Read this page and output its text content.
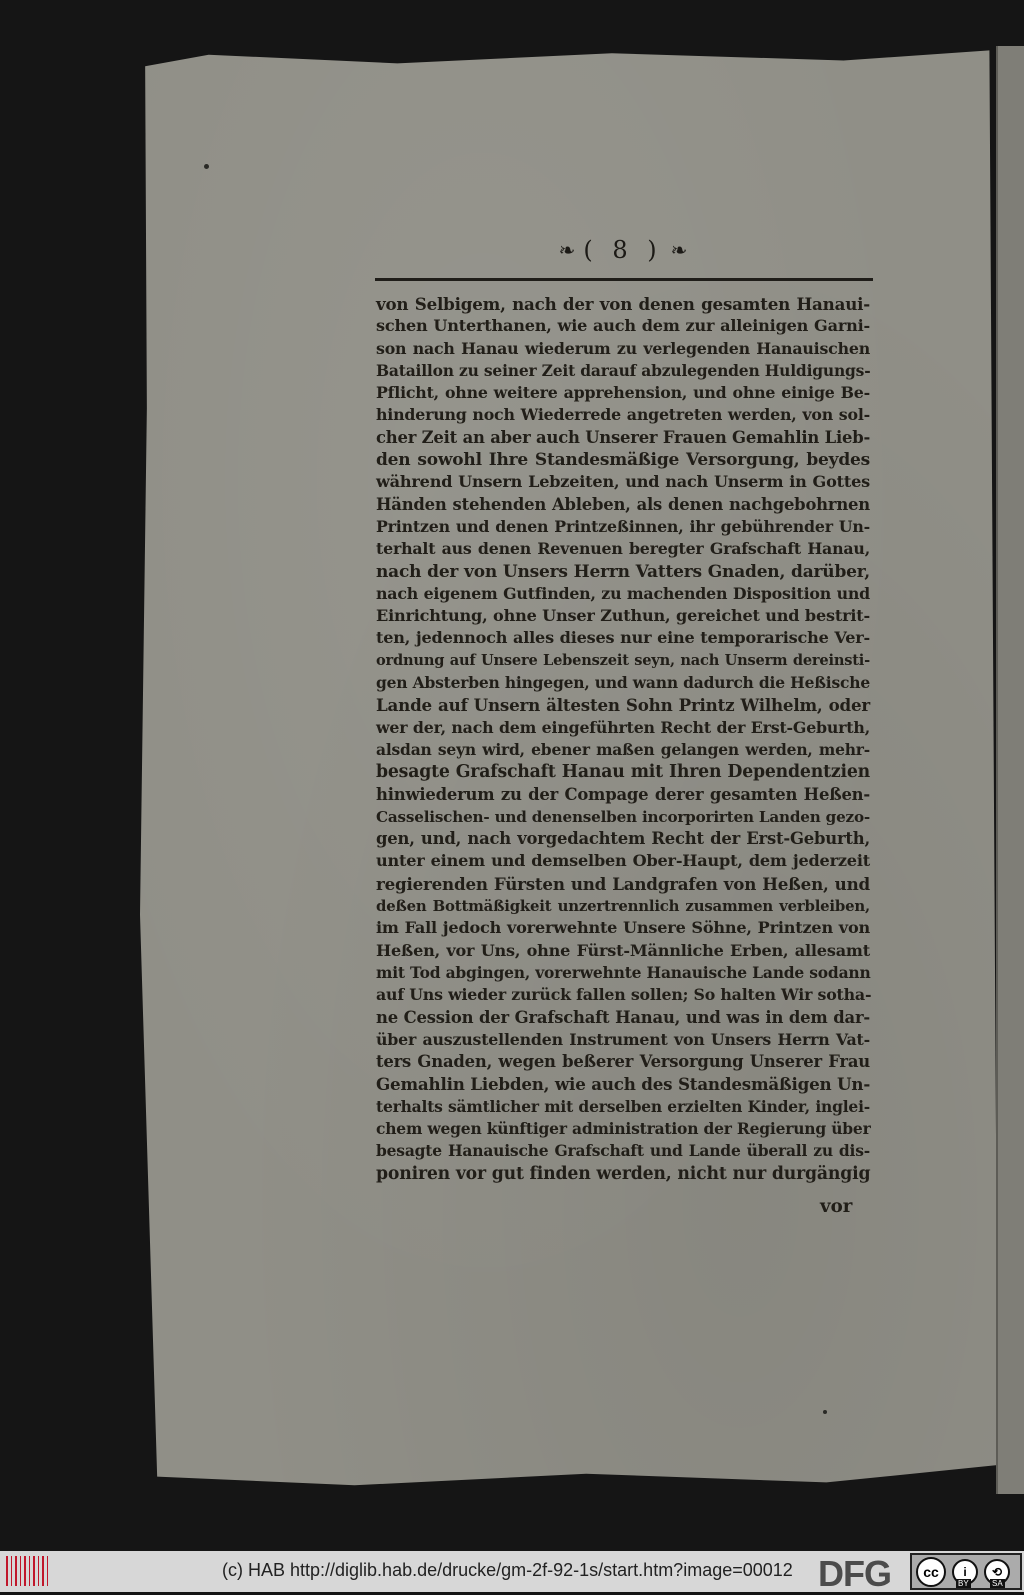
❧ ( 8 ) ❧
von Selbigem, nach der von denen gesamten Hanaui-
schen Unterthanen, wie auch dem zur alleinigen Garni-
son nach Hanau wiederum zu verlegenden Hanauischen
Bataillon zu seiner Zeit darauf abzulegenden Huldigungs-
Pflicht, ohne weitere apprehension, und ohne einige Be-
hinderung noch Wiederrede angetreten werden, von sol-
cher Zeit an aber auch Unserer Frauen Gemahlin Lieb-
den sowohl Ihre Standesmäßige Versorgung, beydes
während Unsern Lebzeiten, und nach Unserm in Gottes
Händen stehenden Ableben, als denen nachgebohrnen
Printzen und denen Printzeßinnen, ihr gebührender Un-
terhalt aus denen Revenuen beregter Grafschaft Hanau,
nach der von Unsers Herrn Vatters Gnaden, darüber,
nach eigenem Gutfinden, zu machenden Disposition und
Einrichtung, ohne Unser Zuthun, gereichet und bestrit-
ten, jedennoch alles dieses nur eine temporarische Ver-
ordnung auf Unsere Lebenszeit seyn, nach Unserm dereinsti-
gen Absterben hingegen, und wann dadurch die Heßische
Lande auf Unsern ältesten Sohn Printz Wilhelm, oder
wer der, nach dem eingeführten Recht der Erst-Geburth,
alsdan seyn wird, ebener maßen gelangen werden, mehr-
besagte Grafschaft Hanau mit Ihren Dependentzien
hinwiederum zu der Compage derer gesamten Heßen-
Casselischen- und denenselben incorporirten Landen gezo-
gen, und, nach vorgedachtem Recht der Erst-Geburth,
unter einem und demselben Ober-Haupt, dem jederzeit
regierenden Fürsten und Landgrafen von Heßen, und
deßen Bottmäßigkeit unzertrennlich zusammen verbleiben,
im Fall jedoch vorerwehnte Unsere Söhne, Printzen von
Heßen, vor Uns, ohne Fürst-Männliche Erben, allesamt
mit Tod abgingen, vorerwehnte Hanauische Lande sodann
auf Uns wieder zurück fallen sollen; So halten Wir sotha-
ne Cession der Grafschaft Hanau, und was in dem dar-
über auszustellenden Instrument von Unsers Herrn Vat-
ters Gnaden, wegen beßerer Versorgung Unserer Frau
Gemahlin Liebden, wie auch des Standesmäßigen Un-
terhalts sämtlicher mit derselben erzielten Kinder, inglei-
chem wegen künftiger administration der Regierung über
besagte Hanauische Grafschaft und Lande überall zu dis-
poniren vor gut finden werden, nicht nur durgängig
vor
(c) HAB http://diglib.hab.de/drucke/gm-2f-92-1s/start.htm?image=00012 DFG	cc	i	⟲
BY	SA
